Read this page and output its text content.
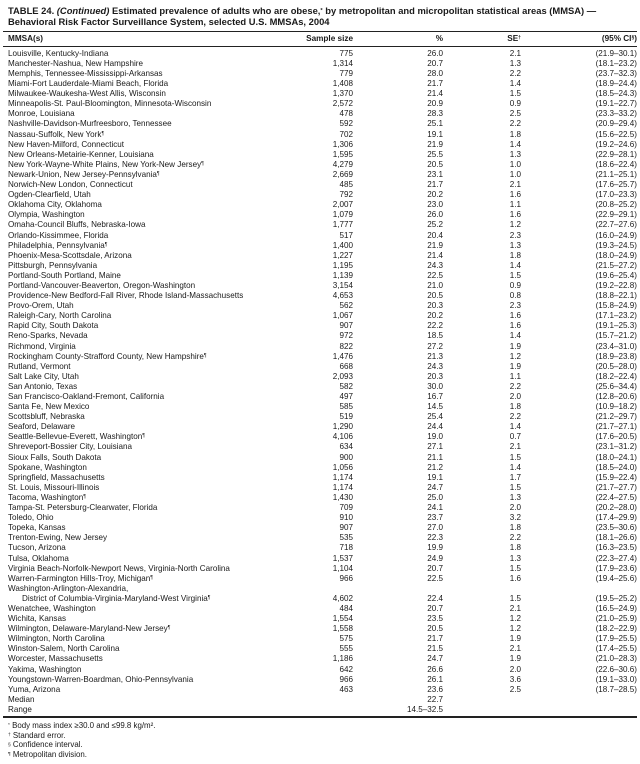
TABLE 24. (Continued) Estimated prevalence of adults who are obese,* by metropolitan and micropolitan statistical areas (MMSA) — Behavioral Risk Factor Surveillance System, selected U.S. MMSAs, 2004
MMSA(s)	Sample size	%	SE†	(95% CI§)
Louisville, Kentucky-Indiana	775	26.0	2.1	(21.9–30.1)
Manchester-Nashua, New Hampshire	1,314	20.7	1.3	(18.1–23.2)
Memphis, Tennessee-Mississippi-Arkansas	779	28.0	2.2	(23.7–32.3)
Miami-Fort Lauderdale-Miami Beach, Florida	1,408	21.7	1.4	(18.9–24.4)
Milwaukee-Waukesha-West Allis, Wisconsin	1,370	21.4	1.5	(18.5–24.3)
Minneapolis-St. Paul-Bloomington, Minnesota-Wisconsin	2,572	20.9	0.9	(19.1–22.7)
Monroe, Louisiana	478	28.3	2.5	(23.3–33.2)
Nashville-Davidson-Murfreesboro, Tennessee	592	25.1	2.2	(20.9–29.4)
Nassau-Suffolk, New York¶	702	19.1	1.8	(15.6–22.5)
New Haven-Milford, Connecticut	1,306	21.9	1.4	(19.2–24.6)
New Orleans-Metairie-Kenner, Louisiana	1,595	25.5	1.3	(22.9–28.1)
New York-Wayne-White Plains, New York-New Jersey¶	4,279	20.5	1.0	(18.6–22.4)
Newark-Union, New Jersey-Pennsylvania¶	2,669	23.1	1.0	(21.1–25.1)
Norwich-New London, Connecticut	485	21.7	2.1	(17.6–25.7)
Ogden-Clearfield, Utah	792	20.2	1.6	(17.0–23.3)
Oklahoma City, Oklahoma	2,007	23.0	1.1	(20.8–25.2)
Olympia, Washington	1,079	26.0	1.6	(22.9–29.1)
Omaha-Council Bluffs, Nebraska-Iowa	1,777	25.2	1.2	(22.7–27.6)
Orlando-Kissimmee, Florida	517	20.4	2.3	(16.0–24.9)
Philadelphia, Pennsylvania¶	1,400	21.9	1.3	(19.3–24.5)
Phoenix-Mesa-Scottsdale, Arizona	1,227	21.4	1.8	(18.0–24.9)
Pittsburgh, Pennsylvania	1,195	24.3	1.4	(21.5–27.2)
Portland-South Portland, Maine	1,139	22.5	1.5	(19.6–25.4)
Portland-Vancouver-Beaverton, Oregon-Washington	3,154	21.0	0.9	(19.2–22.8)
Providence-New Bedford-Fall River, Rhode Island-Massachusetts	4,653	20.5	0.8	(18.8–22.1)
Provo-Orem, Utah	562	20.3	2.3	(15.8–24.9)
Raleigh-Cary, North Carolina	1,067	20.2	1.6	(17.1–23.2)
Rapid City, South Dakota	907	22.2	1.6	(19.1–25.3)
Reno-Sparks, Nevada	972	18.5	1.4	(15.7–21.2)
Richmond, Virginia	822	27.2	1.9	(23.4–31.0)
Rockingham County-Strafford County, New Hampshire¶	1,476	21.3	1.2	(18.9–23.8)
Rutland, Vermont	668	24.3	1.9	(20.5–28.0)
Salt Lake City, Utah	2,093	20.3	1.1	(18.2–22.4)
San Antonio, Texas	582	30.0	2.2	(25.6–34.4)
San Francisco-Oakland-Fremont, California	497	16.7	2.0	(12.8–20.6)
Santa Fe, New Mexico	585	14.5	1.8	(10.9–18.2)
Scottsbluff, Nebraska	519	25.4	2.2	(21.2–29.7)
Seaford, Delaware	1,290	24.4	1.4	(21.7–27.1)
Seattle-Bellevue-Everett, Washington¶	4,106	19.0	0.7	(17.6–20.5)
Shreveport-Bossier City, Louisiana	634	27.1	2.1	(23.1–31.2)
Sioux Falls, South Dakota	900	21.1	1.5	(18.0–24.1)
Spokane, Washington	1,056	21.2	1.4	(18.5–24.0)
Springfield, Massachusetts	1,174	19.1	1.7	(15.9–22.4)
St. Louis, Missouri-Illinois	1,174	24.7	1.5	(21.7–27.7)
Tacoma, Washington¶	1,430	25.0	1.3	(22.4–27.5)
Tampa-St. Petersburg-Clearwater, Florida	709	24.1	2.0	(20.2–28.0)
Toledo, Ohio	910	23.7	3.2	(17.4–29.9)
Topeka, Kansas	907	27.0	1.8	(23.5–30.6)
Trenton-Ewing, New Jersey	535	22.3	2.2	(18.1–26.6)
Tucson, Arizona	718	19.9	1.8	(16.3–23.5)
Tulsa, Oklahoma	1,537	24.9	1.3	(22.3–27.4)
Virginia Beach-Norfolk-Newport News, Virginia-North Carolina	1,104	20.7	1.5	(17.9–23.6)
Warren-Farmington Hills-Troy, Michigan¶	966	22.5	1.6	(19.4–25.6)
Washington-Arlington-Alexandria,
District of Columbia-Virginia-Maryland-West Virginia¶	4,602	22.4	1.5	(19.5–25.2)
Wenatchee, Washington	484	20.7	2.1	(16.5–24.9)
Wichita, Kansas	1,554	23.5	1.2	(21.0–25.9)
Wilmington, Delaware-Maryland-New Jersey¶	1,558	20.5	1.2	(18.2–22.9)
Wilmington, North Carolina	575	21.7	1.9	(17.9–25.5)
Winston-Salem, North Carolina	555	21.5	2.1	(17.4–25.5)
Worcester, Massachusetts	1,186	24.7	1.9	(21.0–28.3)
Yakima, Washington	642	26.6	2.0	(22.6–30.6)
Youngstown-Warren-Boardman, Ohio-Pennsylvania	966	26.1	3.6	(19.1–33.0)
Yuma, Arizona	463	23.6	2.5	(18.7–28.5)
Median		22.7		
Range		14.5–32.5		
* Body mass index ≥30.0 and ≤99.8 kg/m².
† Standard error.
§ Confidence interval.
¶ Metropolitan division.
